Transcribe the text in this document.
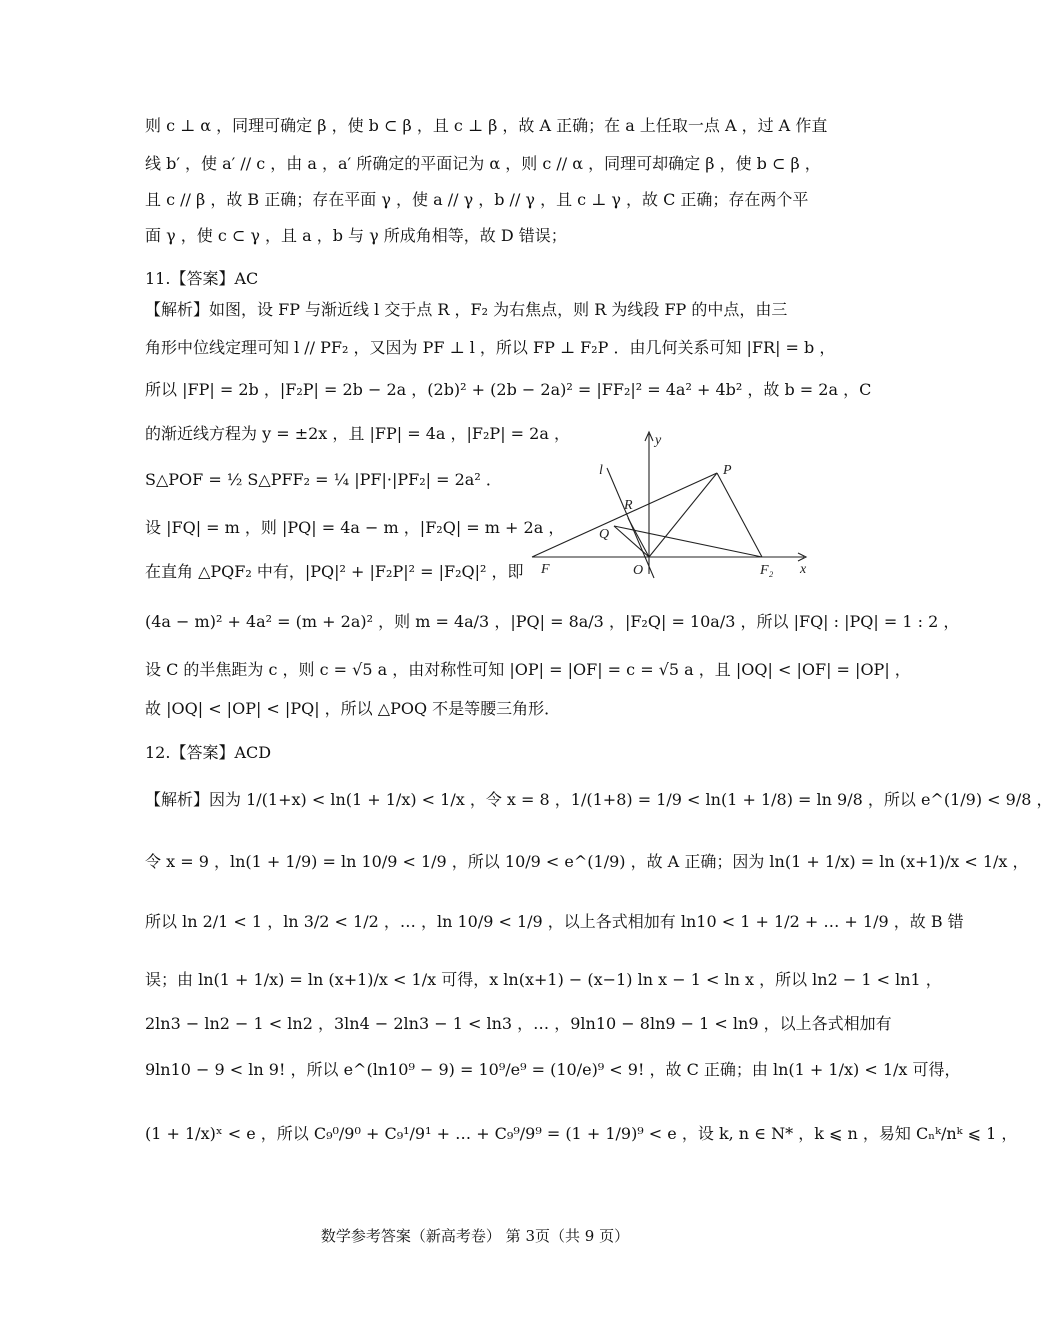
则 c ⊥ α ，同理可确定 β ，使 b ⊂ β ，且 c ⊥ β ，故 A 正确；在 a 上任取一点 A ，过 A 作直
线 b′ ，使 a′ // c ，由 a ，a′ 所确定的平面记为 α ，则 c // α ，同理可却确定 β ，使 b ⊂ β ，
且 c // β ，故 B 正确；存在平面 γ ，使 a // γ ，b // γ ，且 c ⊥ γ ，故 C 正确；存在两个平
面 γ ，使 c ⊂ γ ，且 a ，b 与 γ 所成角相等，故 D 错误；
11.【答案】AC
【解析】如图，设 FP 与渐近线 l 交于点 R ，F₂ 为右焦点，则 R 为线段 FP 的中点，由三
角形中位线定理可知 l // PF₂ ，又因为 PF ⊥ l ，所以 FP ⊥ F₂P ．由几何关系可知 |FR| = b ，
所以 |FP| = 2b ，|F₂P| = 2b − 2a ，(2b)² + (2b − 2a)² = |FF₂|² = 4a² + 4b² ，故 b = 2a ，C
的渐近线方程为 y = ±2x ，且 |FP| = 4a ，|F₂P| = 2a ，
S△POF = ½ S△PFF₂ = ¼ |PF|·|PF₂| = 2a² ．
设 |FQ| = m ，则 |PQ| = 4a − m ，|F₂Q| = m + 2a ，
在直角 △PQF₂ 中有，|PQ|² + |F₂P|² = |F₂Q|² ，即
(4a − m)² + 4a² = (m + 2a)² ，则 m = 4a/3 ，|PQ| = 8a/3 ，|F₂Q| = 10a/3 ，所以 |FQ| : |PQ| = 1 : 2 ，
设 C 的半焦距为 c ，则 c = √5 a ，由对称性可知 |OP| = |OF| = c = √5 a ，且 |OQ| < |OF| = |OP| ，
故 |OQ| < |OP| < |PQ| ，所以 △POQ 不是等腰三角形．
12.【答案】ACD
【解析】因为 1/(1+x) < ln(1 + 1/x) < 1/x ，令 x = 8 ，1/(1+8) = 1/9 < ln(1 + 1/8) = ln 9/8 ，所以 e^(1/9) < 9/8 ，
令 x = 9 ，ln(1 + 1/9) = ln 10/9 < 1/9 ，所以 10/9 < e^(1/9) ，故 A 正确；因为 ln(1 + 1/x) = ln (x+1)/x < 1/x ，
所以 ln 2/1 < 1 ，ln 3/2 < 1/2 ，… ，ln 10/9 < 1/9 ，以上各式相加有 ln10 < 1 + 1/2 + … + 1/9 ，故 B 错
误；由 ln(1 + 1/x) = ln (x+1)/x < 1/x 可得，x ln(x+1) − (x−1) ln x − 1 < ln x ，所以 ln2 − 1 < ln1 ，
2ln3 − ln2 − 1 < ln2 ，3ln4 − 2ln3 − 1 < ln3 ，… ，9ln10 − 8ln9 − 1 < ln9 ，以上各式相加有
9ln10 − 9 < ln 9! ，所以 e^(ln10⁹ − 9) = 10⁹/e⁹ = (10/e)⁹ < 9! ，故 C 正确；由 ln(1 + 1/x) < 1/x 可得，
(1 + 1/x)ˣ < e ，所以 C₉⁰/9⁰ + C₉¹/9¹ + … + C₉⁹/9⁹ = (1 + 1/9)⁹ < e ，设 k, n ∈ N* ，k ⩽ n ，易知 Cₙᵏ/nᵏ ⩽ 1 ，
y
x
l	P
R
Q
F	O	F₂
数学参考答案（新高考卷） 第 3页（共 9 页）
